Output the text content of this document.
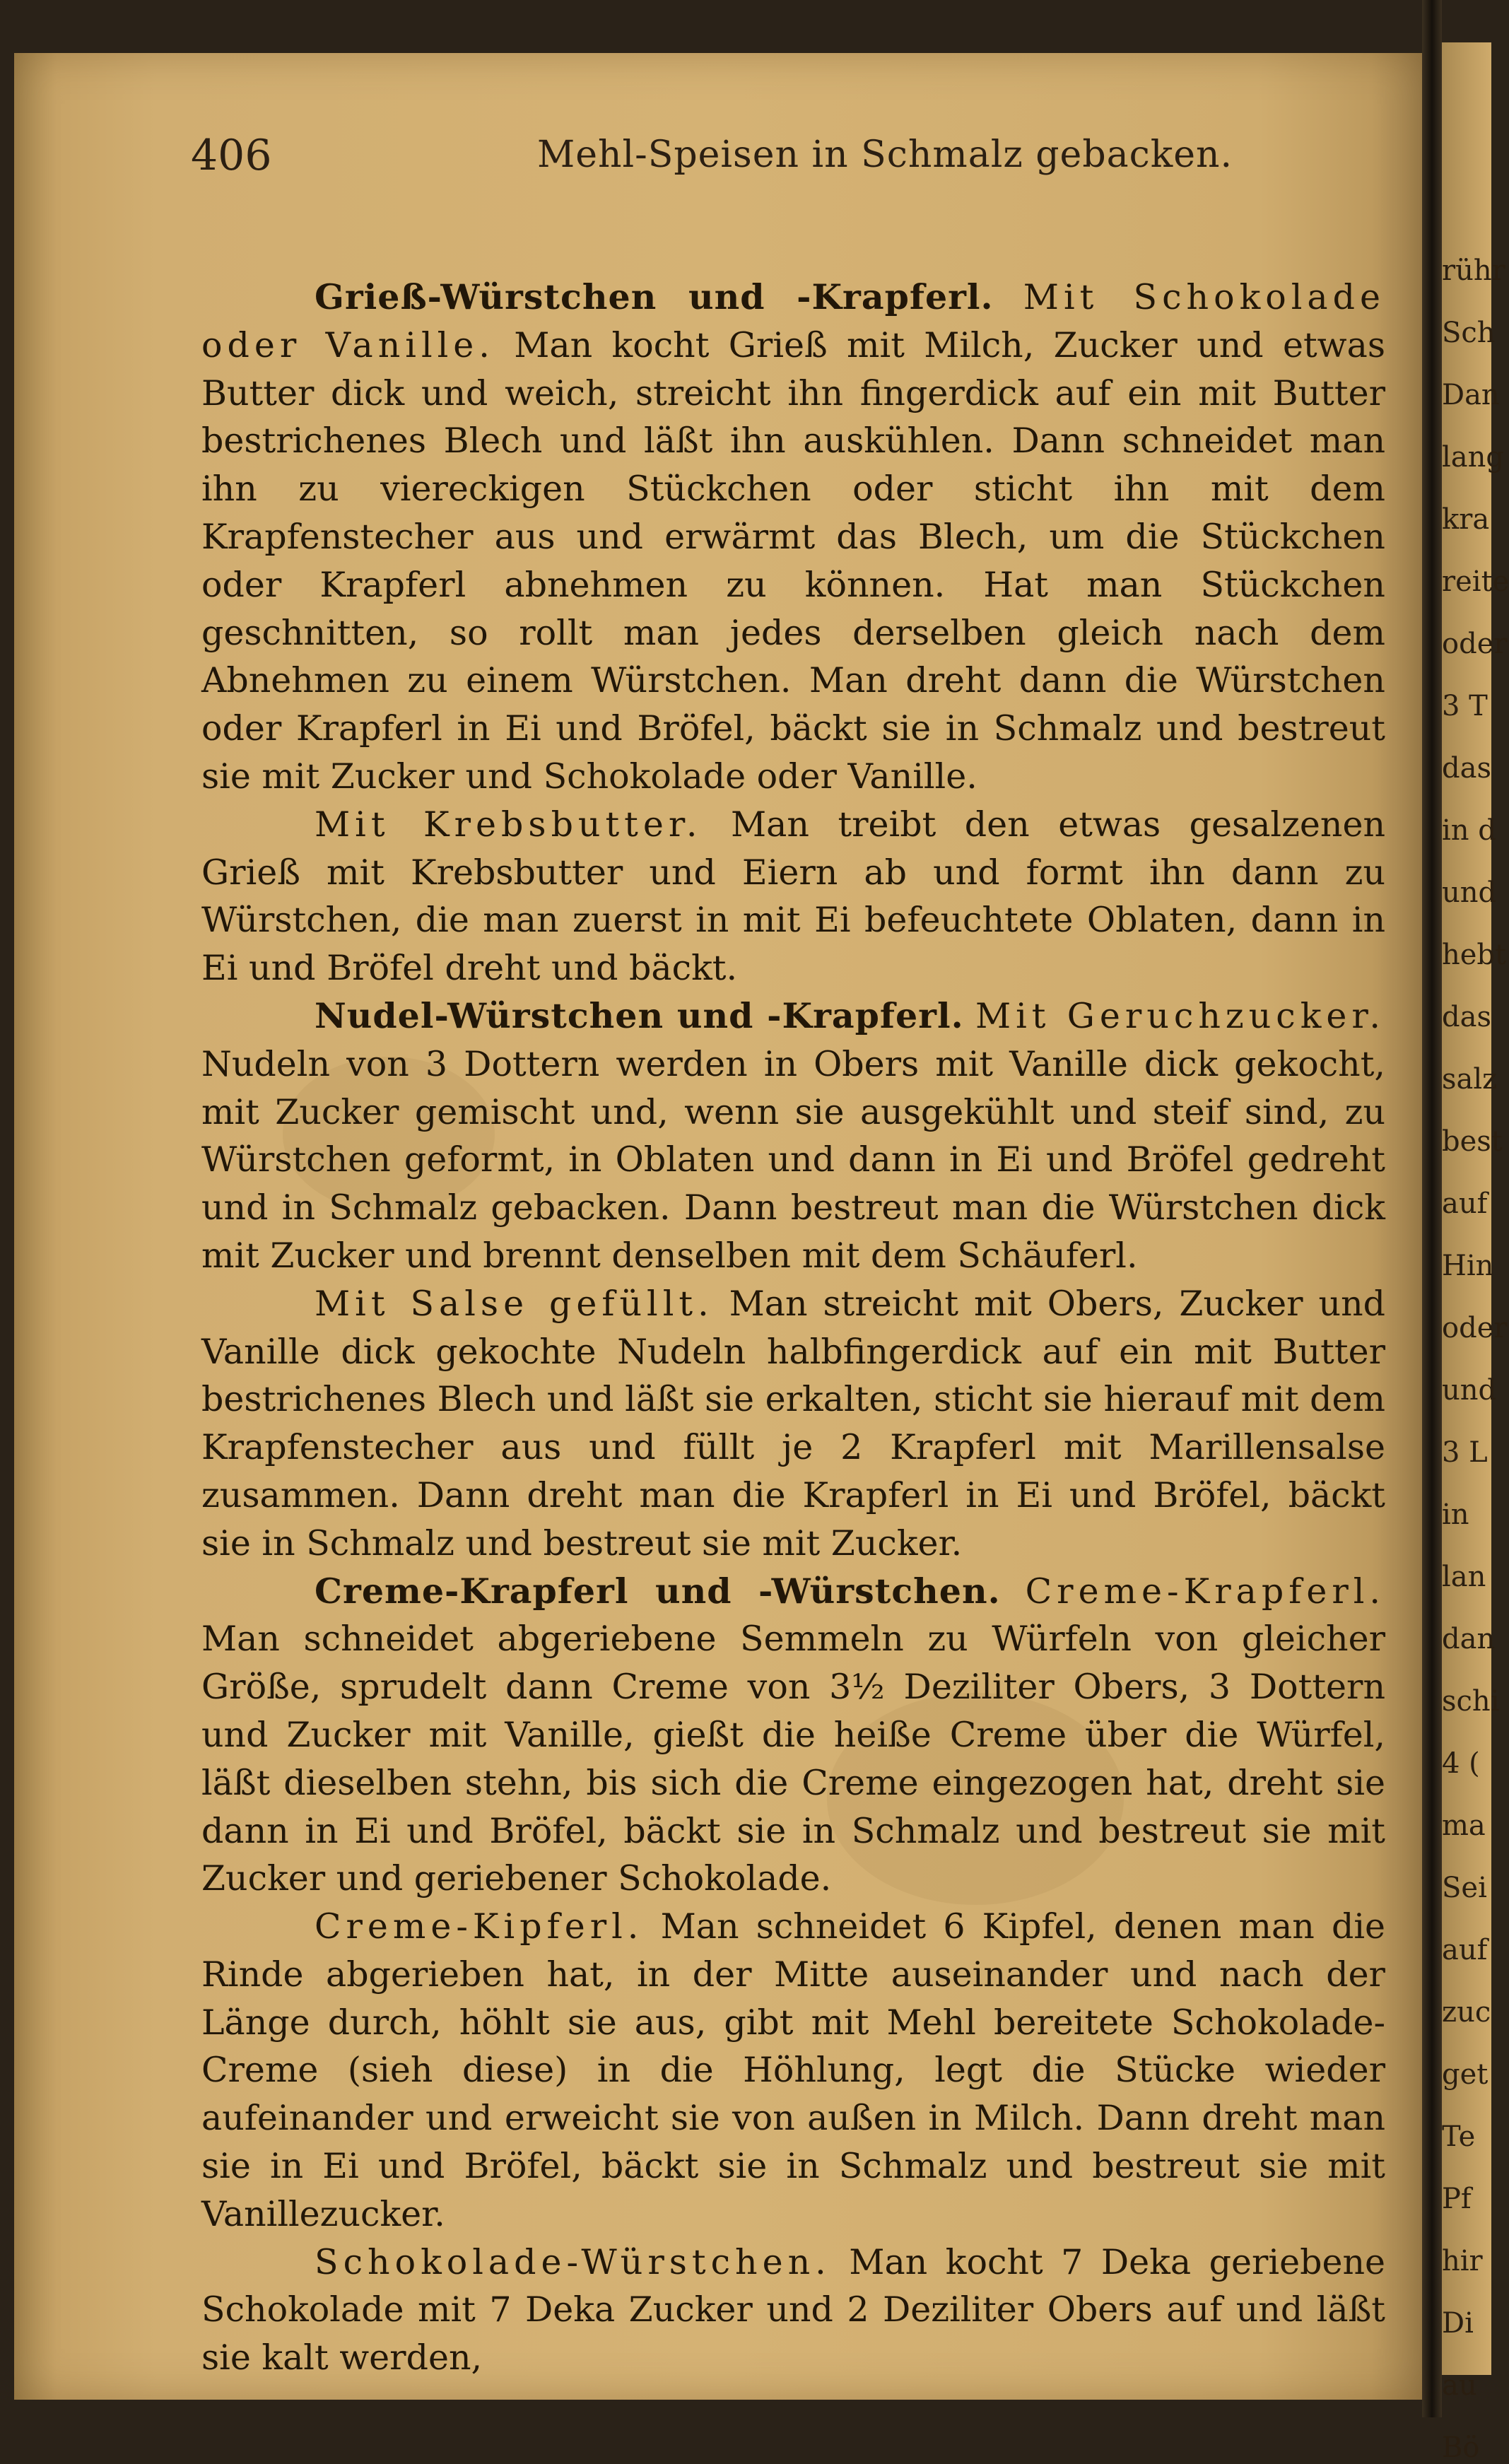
406	Mehl-Speisen in Schmalz gebacken.

Grieß-Würstchen und -Krapferl. Mit Schokolade oder Vanille. Man kocht Grieß mit Milch, Zucker und etwas Butter dick und weich, streicht ihn fingerdick auf ein mit Butter bestrichenes Blech und läßt ihn auskühlen. Dann schneidet man ihn zu viereckigen Stückchen oder sticht ihn mit dem Krapfenstecher aus und erwärmt das Blech, um die Stückchen oder Krapferl abnehmen zu können. Hat man Stückchen geschnitten, so rollt man jedes derselben gleich nach dem Abnehmen zu einem Würstchen. Man dreht dann die Würstchen oder Krapferl in Ei und Bröfel, bäckt sie in Schmalz und bestreut sie mit Zucker und Schokolade oder Vanille.

Mit Krebsbutter. Man treibt den etwas gesalzenen Grieß mit Krebsbutter und Eiern ab und formt ihn dann zu Würstchen, die man zuerst in mit Ei befeuchtete Oblaten, dann in Ei und Bröfel dreht und bäckt.

Nudel-Würstchen und -Krapferl. Mit Geruchzucker. Nudeln von 3 Dottern werden in Obers mit Vanille dick gekocht, mit Zucker gemischt und, wenn sie ausgekühlt und steif sind, zu Würstchen geformt, in Oblaten und dann in Ei und Bröfel gedreht und in Schmalz gebacken. Dann bestreut man die Würstchen dick mit Zucker und brennt denselben mit dem Schäuferl.

Mit Salse gefüllt. Man streicht mit Obers, Zucker und Vanille dick gekochte Nudeln halbfingerdick auf ein mit Butter bestrichenes Blech und läßt sie erkalten, sticht sie hierauf mit dem Krapfenstecher aus und füllt je 2 Krapferl mit Marillensalse zusammen. Dann dreht man die Krapferl in Ei und Bröfel, bäckt sie in Schmalz und bestreut sie mit Zucker.

Creme-Krapferl und -Würstchen. Creme-Krapferl. Man schneidet abgeriebene Semmeln zu Würfeln von gleicher Größe, sprudelt dann Creme von 3½ Deziliter Obers, 3 Dottern und Zucker mit Vanille, gießt die heiße Creme über die Würfel, läßt dieselben stehn, bis sich die Creme eingezogen hat, dreht sie dann in Ei und Bröfel, bäckt sie in Schmalz und bestreut sie mit Zucker und geriebener Schokolade.

Creme-Kipferl. Man schneidet 6 Kipfel, denen man die Rinde abgerieben hat, in der Mitte auseinander und nach der Länge durch, höhlt sie aus, gibt mit Mehl bereitete Schokolade-Creme (sieh diese) in die Höhlung, legt die Stücke wieder aufeinander und erweicht sie von außen in Milch. Dann dreht man sie in Ei und Bröfel, bäckt sie in Schmalz und bestreut sie mit Vanillezucker.

Schokolade-Würstchen. Man kocht 7 Deka geriebene Schokolade mit 7 Deka Zucker und 2 Deziliter Obers auf und läßt sie kalt werden,

rühr
Sch
Dan
lang
kra
reite
oder
3 T
das
in d
und
hebt
das
salz
best
auf
Hin
oder
und
3 L
in
lan
dan
schi
4 (
ma
Sei
auf
zuc
get
Te
Pf
hir
Di
au
Bö
